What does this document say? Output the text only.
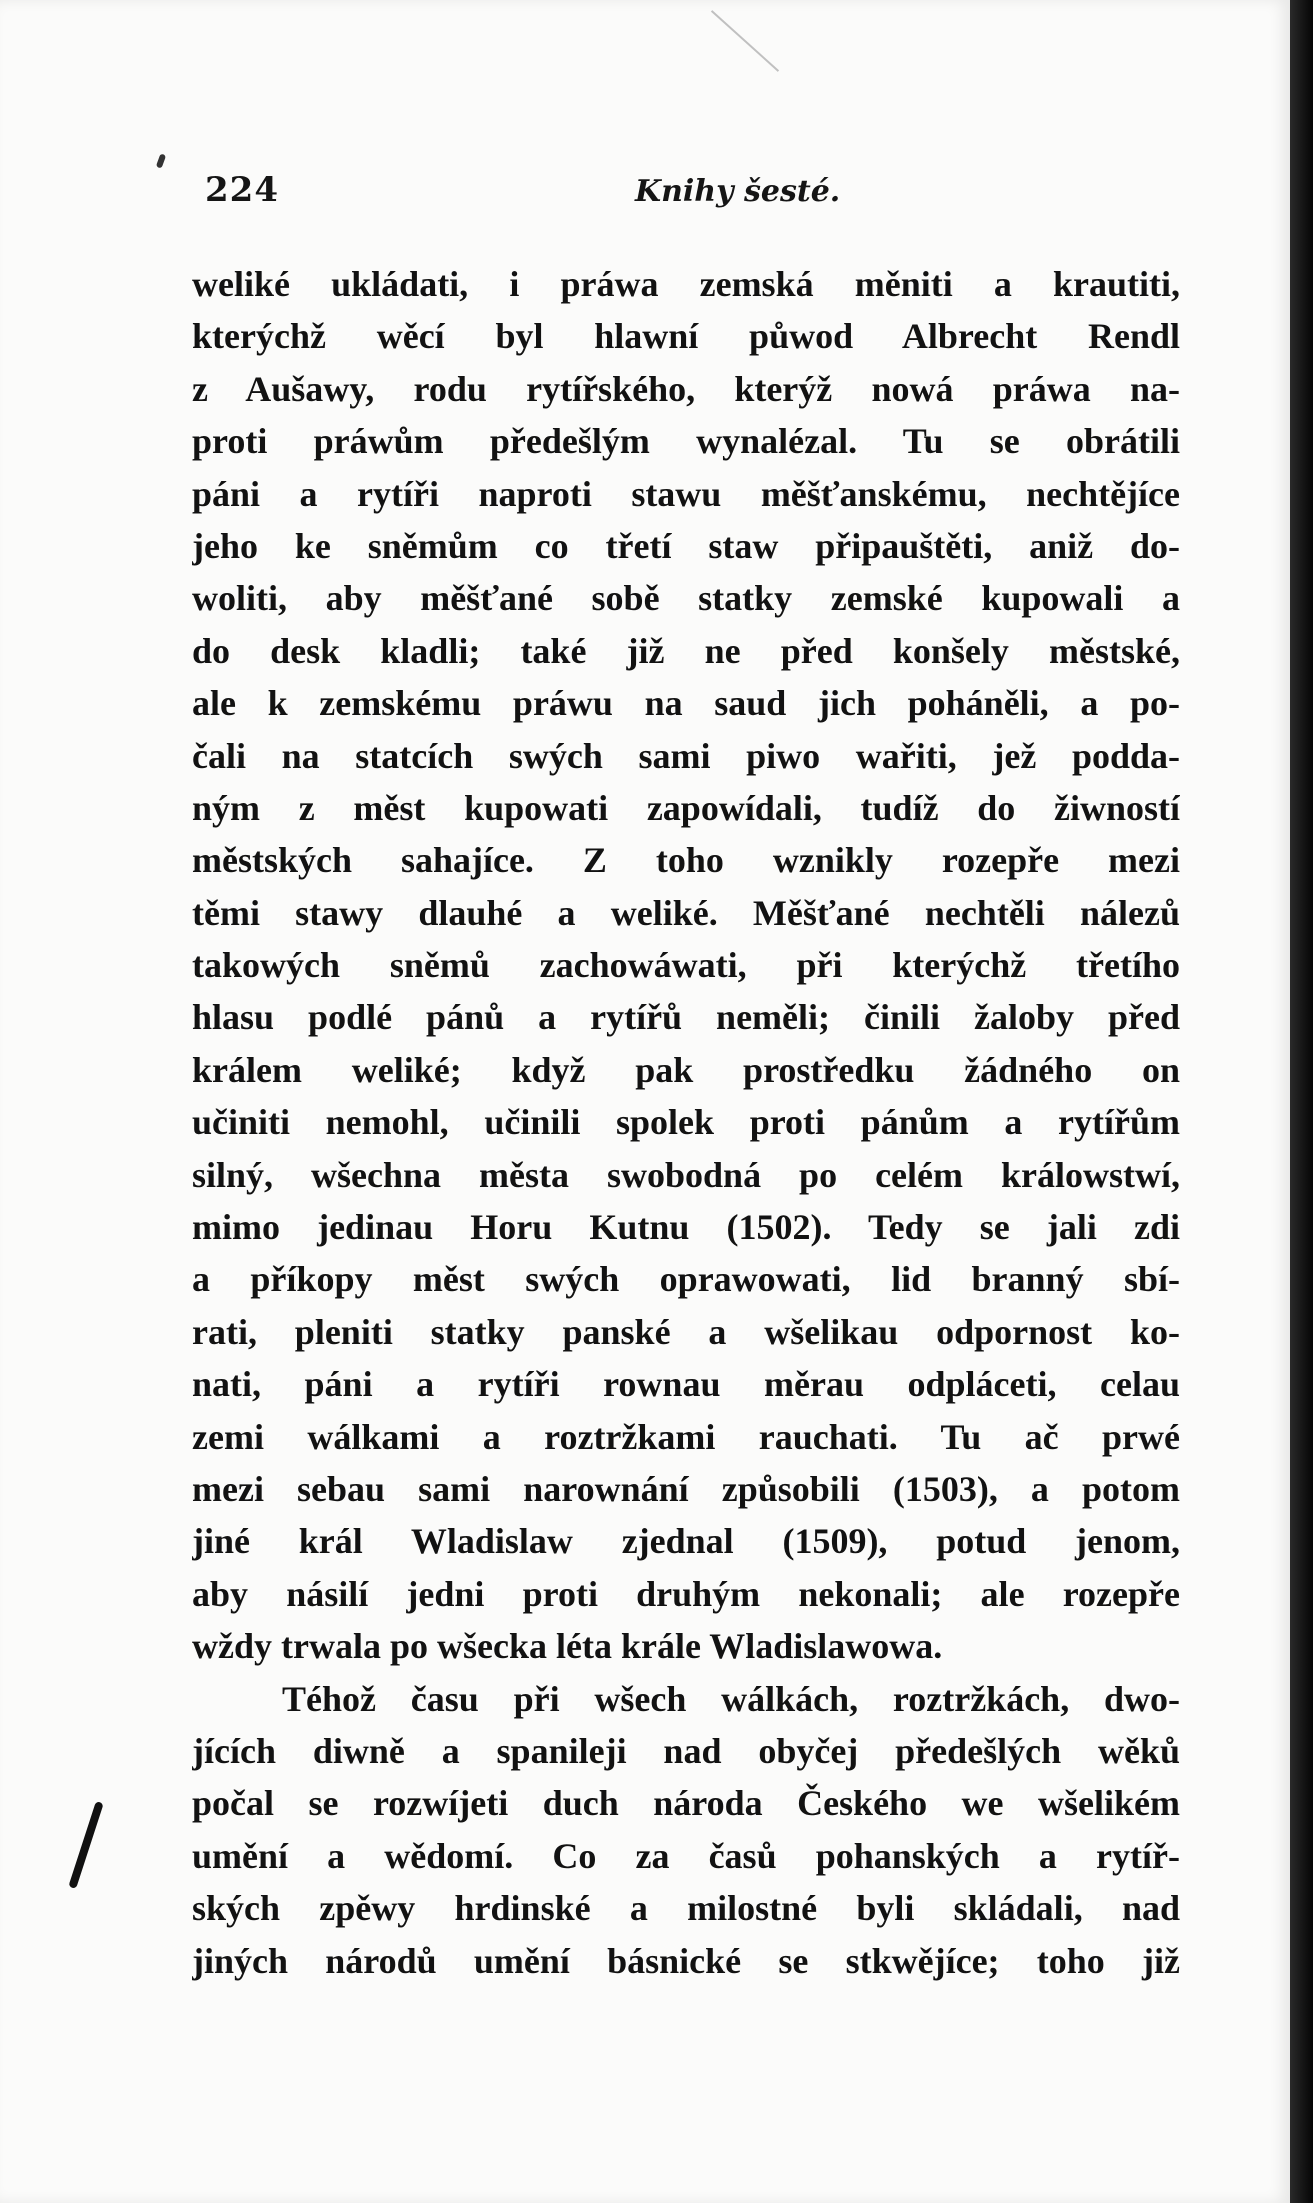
224	Knihy šesté.
weliké ukládati, i práwa zemská měniti a krautiti,
kterýchž wěcí byl hlawní půwod Albrecht Rendl
z Aušawy, rodu rytířského, kterýž nowá práwa na-
proti práwům předešlým wynalézal. Tu se obrátili
páni a rytíři naproti stawu měšťanskému, nechtějíce
jeho ke sněmům co třetí staw připauštěti, aniž do-
woliti, aby měšťané sobě statky zemské kupowali a
do desk kladli; také již ne před konšely městské,
ale k zemskému práwu na saud jich poháněli, a po-
čali na statcích swých sami piwo wařiti, jež podda-
ným z měst kupowati zapowídali, tudíž do žiwností
městských sahajíce. Z toho wznikly rozepře mezi
těmi stawy dlauhé a weliké. Měšťané nechtěli nálezů
takowých sněmů zachowáwati, při kterýchž třetího
hlasu podlé pánů a rytířů neměli; činili žaloby před
králem weliké; když pak prostředku žádného on
učiniti nemohl, učinili spolek proti pánům a rytířům
silný, wšechna města swobodná po celém králowstwí,
mimo jedinau Horu Kutnu (1502). Tedy se jali zdi
a příkopy měst swých oprawowati, lid branný sbí-
rati, pleniti statky panské a wšelikau odpornost ko-
nati, páni a rytíři rownau měrau odpláceti, celau
zemi wálkami a roztržkami rauchati. Tu ač prwé
mezi sebau sami narownání způsobili (1503), a potom
jiné král Wladislaw zjednal (1509), potud jenom,
aby násilí jedni proti druhým nekonali; ale rozepře
wždy trwala po wšecka léta krále Wladislawowa.
Téhož času při wšech wálkách, roztržkách, dwo-
jících diwně a spanileji nad obyčej předešlých wěků
počal se rozwíjeti duch národa Českého we wšelikém
umění a wědomí. Co za časů pohanských a rytíř-
ských zpěwy hrdinské a milostné byli skládali, nad
jiných národů umění básnické se stkwějíce; toho již
